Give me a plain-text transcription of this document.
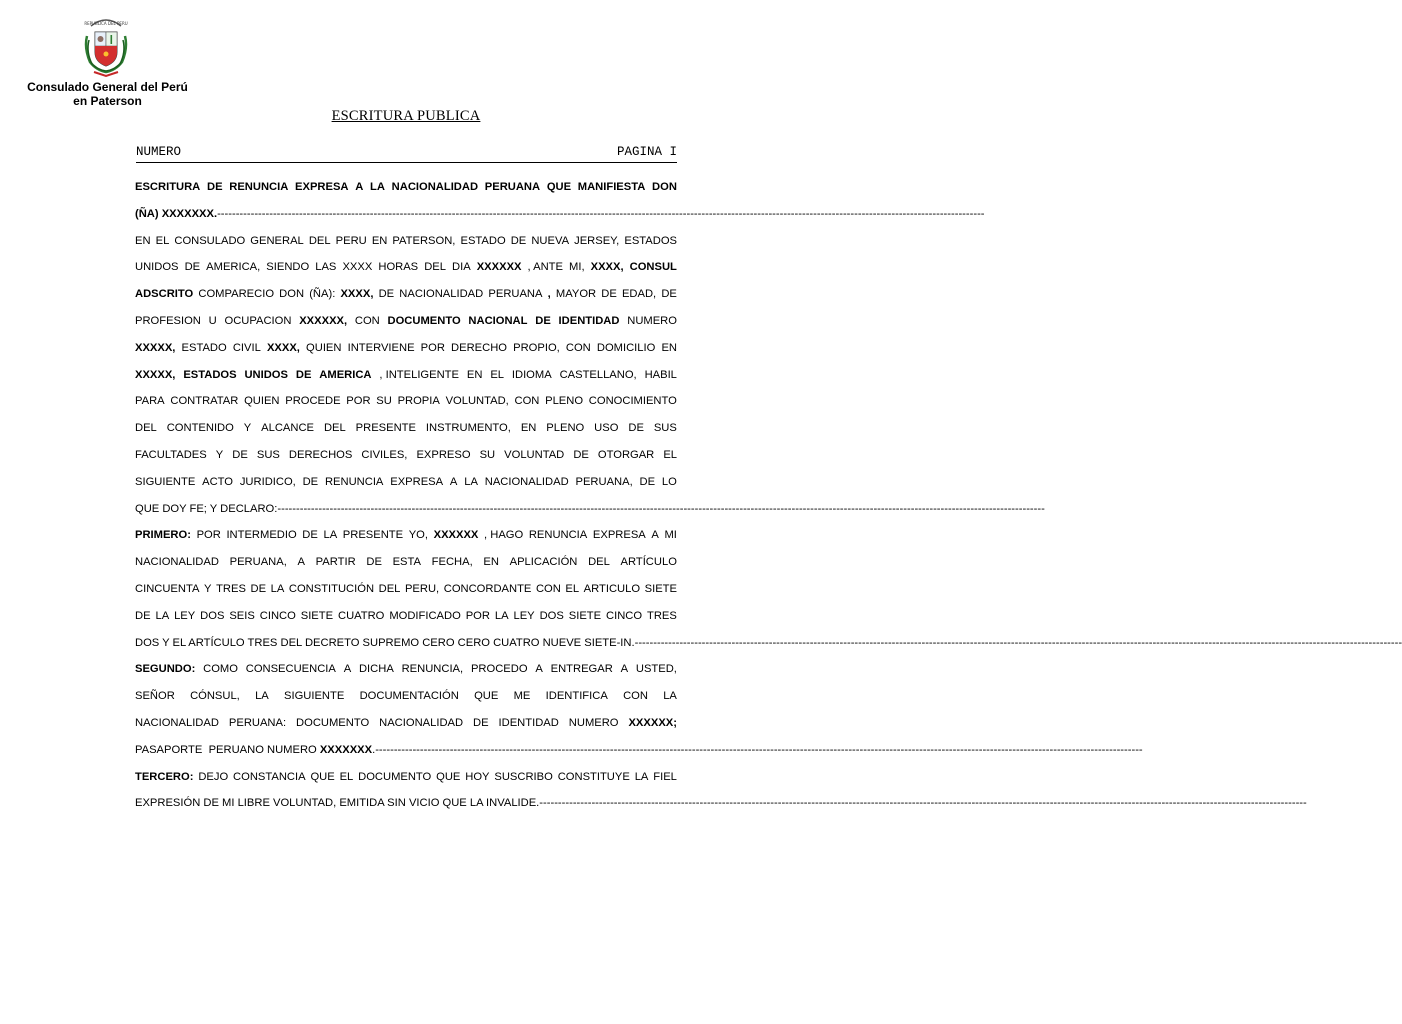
REPUBLICA DEL PERU
Consulado General del Perú
en Paterson
ESCRITURA PUBLICA
NUMERO	PAGINA I
ESCRITURA DE RENUNCIA EXPRESA A LA NACIONALIDAD PERUANA QUE MANIFIESTA DON
(ÑA) XXXXXXX. --------------------------------------------------------------------------------------------------------------------------------------------------------------------------------------------------------------
EN EL CONSULADO GENERAL DEL PERU EN PATERSON, ESTADO DE NUEVA JERSEY, ESTADOS
UNIDOS DE AMERICA, SIENDO LAS XXXX HORAS DEL DIA XXXXXX , ANTE MI, XXXX, CONSUL
ADSCRITO COMPARECIO DON (ÑA): XXXX, DE NACIONALIDAD PERUANA , MAYOR DE EDAD, DE
PROFESION U OCUPACION XXXXXX, CON DOCUMENTO NACIONAL DE IDENTIDAD NUMERO
XXXXX, ESTADO CIVIL XXXX, QUIEN INTERVIENE POR DERECHO PROPIO, CON DOMICILIO EN
XXXXX, ESTADOS UNIDOS DE AMERICA , INTELIGENTE EN EL IDIOMA CASTELLANO, HABIL
PARA CONTRATAR QUIEN PROCEDE POR SU PROPIA VOLUNTAD, CON PLENO CONOCIMIENTO
DEL CONTENIDO Y ALCANCE DEL PRESENTE INSTRUMENTO, EN PLENO USO DE SUS
FACULTADES Y DE SUS DERECHOS CIVILES, EXPRESO SU VOLUNTAD DE OTORGAR EL
SIGUIENTE ACTO JURIDICO, DE RENUNCIA EXPRESA A LA NACIONALIDAD PERUANA, DE LO
QUE DOY FE; Y DECLARO: --------------------------------------------------------------------------------------------------------------------------------------------------------------------------------------------------------------
PRIMERO: POR INTERMEDIO DE LA PRESENTE YO, XXXXXX , HAGO RENUNCIA EXPRESA A MI
NACIONALIDAD PERUANA, A PARTIR DE ESTA FECHA, EN APLICACIÓN DEL ARTÍCULO
CINCUENTA Y TRES DE LA CONSTITUCIÓN DEL PERU, CONCORDANTE CON EL ARTICULO SIETE
DE LA LEY DOS SEIS CINCO SIETE CUATRO MODIFICADO POR LA LEY DOS SIETE CINCO TRES
DOS Y EL ARTÍCULO TRES DEL DECRETO SUPREMO CERO CERO CUATRO NUEVE SIETE-IN. --------------------------------------------------------------------------------------------------------------------------------------------------------------------------------------------------------------
SEGUNDO: COMO CONSECUENCIA A DICHA RENUNCIA, PROCEDO A ENTREGAR A USTED,
SEÑOR CÓNSUL, LA SIGUIENTE DOCUMENTACIÓN QUE ME IDENTIFICA CON LA
NACIONALIDAD PERUANA: DOCUMENTO NACIONALIDAD DE IDENTIDAD NUMERO XXXXXX;
PASAPORTE  PERUANO NUMERO XXXXXXX . --------------------------------------------------------------------------------------------------------------------------------------------------------------------------------------------------------------
TERCERO: DEJO CONSTANCIA QUE EL DOCUMENTO QUE HOY SUSCRIBO CONSTITUYE LA FIEL
EXPRESIÓN DE MI LIBRE VOLUNTAD, EMITIDA SIN VICIO QUE LA INVALIDE. --------------------------------------------------------------------------------------------------------------------------------------------------------------------------------------------------------------
